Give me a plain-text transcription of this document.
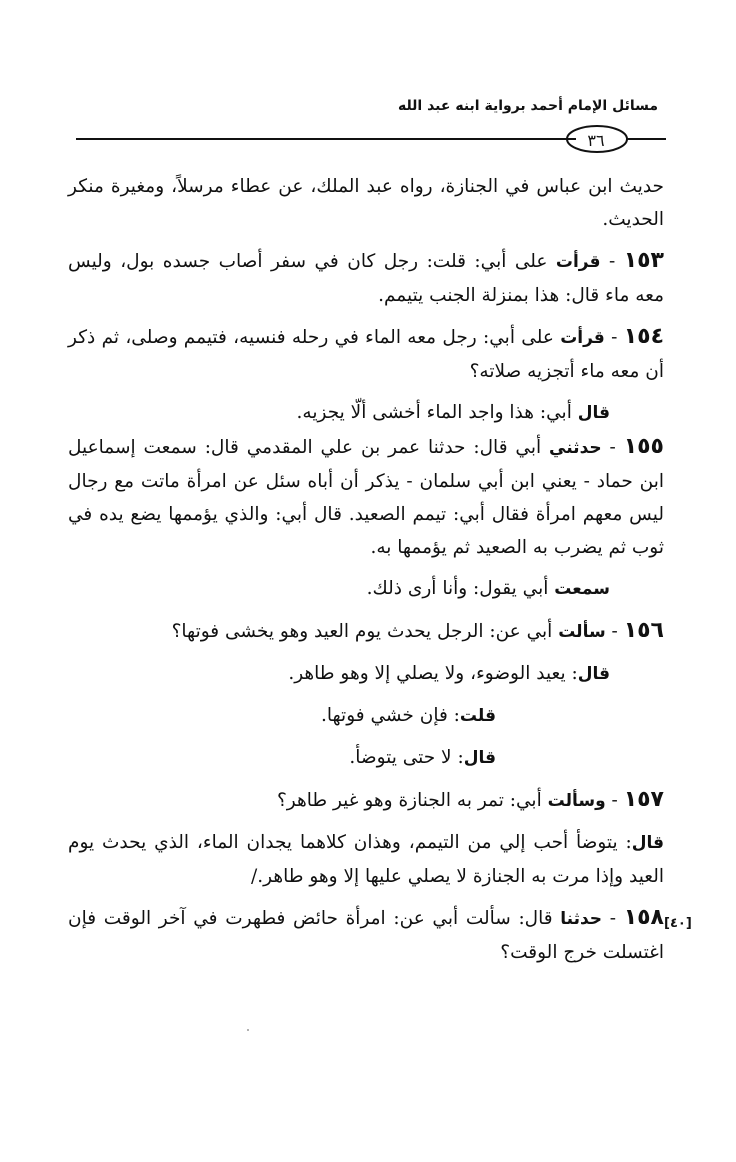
مسائل الإمام أحمد برواية ابنه عبد الله
٣٦

حديث ابن عباس في الجنازة، رواه عبد الملك، عن عطاء مرسلاً، ومغيرة منكر الحديث.

١٥٣ - قرأت على أبي: قلت: رجل كان في سفر أصاب جسده بول، وليس معه ماء قال: هذا بمنزلة الجنب يتيمم.

١٥٤ - قرأت على أبي: رجل معه الماء في رحله فنسيه، فتيمم وصلى، ثم ذكر أن معه ماء أتجزيه صلاته؟

قال أبي: هذا واجد الماء أخشى ألّا يجزيه.

١٥٥ - حدثني أبي قال: حدثنا عمر بن علي المقدمي قال: سمعت إسماعيل ابن حماد - يعني ابن أبي سلمان - يذكر أن أباه سئل عن امرأة ماتت مع رجال ليس معهم امرأة فقال أبي: تيمم الصعيد. قال أبي: والذي يؤممها يضع يده في ثوب ثم يضرب به الصعيد ثم يؤممها به.

سمعت أبي يقول: وأنا أرى ذلك.

١٥٦ - سألت أبي عن: الرجل يحدث يوم العيد وهو يخشى فوتها؟

قال: يعيد الوضوء، ولا يصلي إلا وهو طاهر.

قلت: فإن خشي فوتها.

قال: لا حتى يتوضأ.

١٥٧ - وسألت أبي: تمر به الجنازة وهو غير طاهر؟

قال: يتوضأ أحب إلي من التيمم، وهذان كلاهما يجدان الماء، الذي يحدث يوم العيد وإذا مرت به الجنازة لا يصلي عليها إلا وهو طاهر./

١٥٨ - حدثنا قال: سألت أبي عن: امرأة حائض فطهرت في آخر الوقت فإن اغتسلت خرج الوقت؟

[٤٠]
